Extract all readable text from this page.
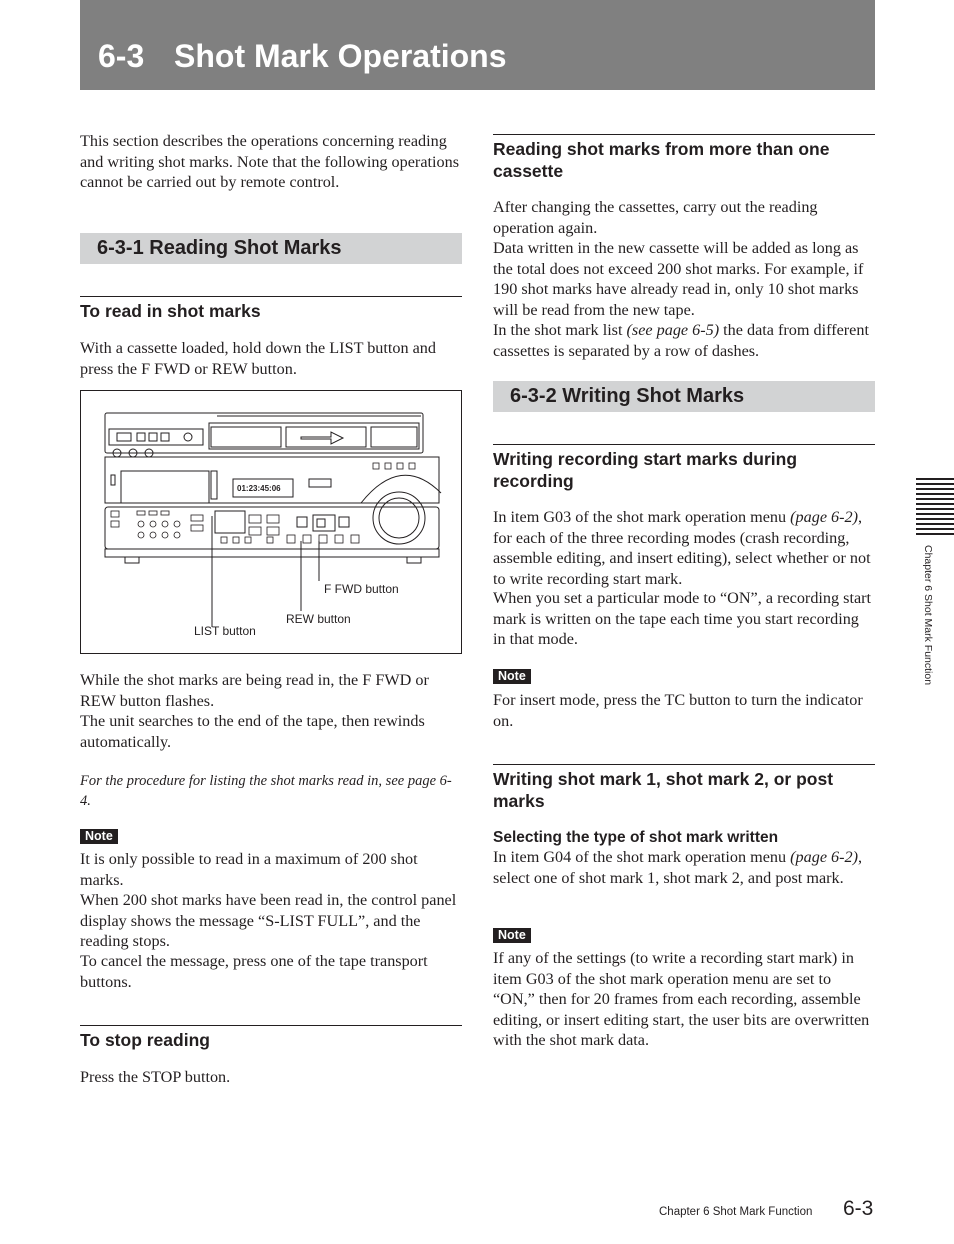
6-3 Shot Mark Operations

This section describes the operations concerning reading and writing shot marks. Note that the following operations cannot be carried out by remote control.

6-3-1 Reading Shot Marks
To read in shot marks

With a cassette loaded, hold down the LIST button and press the F FWD or REW button.

01:23:45:06
F FWD button
REW button
LIST button

While the shot marks are being read in, the F FWD or REW button flashes.

The unit searches to the end of the tape, then rewinds automatically.

For the procedure for listing the shot marks read in, see page 6-4.

Note

It is only possible to read in a maximum of 200 shot marks.

When 200 shot marks have been read in, the control panel display shows the message “S-LIST FULL”, and the reading stops.

To cancel the message, press one of the tape transport buttons.

To stop reading

Press the STOP button.

Reading shot marks from more than one cassette

After changing the cassettes, carry out the reading operation again.

Data written in the new cassette will be added as long as the total does not exceed 200 shot marks. For example, if 190 shot marks have already read in, only 10 shot marks will be read from the new tape.

In the shot mark list (see page 6-5) the data from different cassettes is separated by a row of dashes.

6-3-2 Writing Shot Marks
Writing recording start marks during recording

In item G03 of the shot mark operation menu (page 6-2), for each of the three recording modes (crash recording, assemble editing, and insert editing), select whether or not to write recording start mark.

When you set a particular mode to “ON”, a recording start mark is written on the tape each time you start recording in that mode.

Note

For insert mode, press the TC button to turn the indicator on.

Writing shot mark 1, shot mark 2, or post marks

Selecting the type of shot mark written

In item G04 of the shot mark operation menu (page 6-2), select one of shot mark 1, shot mark 2, and post mark.

Note

If any of the settings (to write a recording start mark) in item G03 of the shot mark operation menu are set to “ON,” then for 20 frames from each recording, assemble editing, or insert editing start, the user bits are overwritten with the shot mark data.

Chapter 6 Shot Mark Function
Chapter 6 Shot Mark Function 6-3
